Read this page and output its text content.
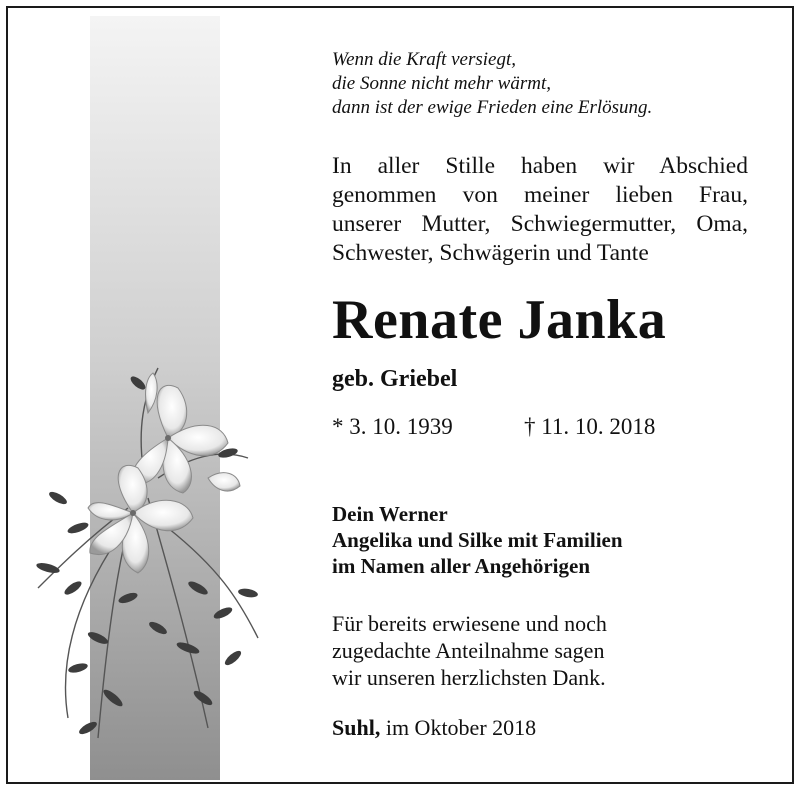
Wenn die Kraft versiegt,
die Sonne nicht mehr wärmt,
dann ist der ewige Frieden eine Erlösung.
In aller Stille haben wir Abschied
genommen von meiner lieben Frau,
unserer Mutter, Schwiegermutter, Oma,
Schwester, Schwägerin und Tante
Renate Janka
geb. Griebel
* 3. 10. 1939	† 11. 10. 2018
Dein Werner
Angelika und Silke mit Familien
im Namen aller Angehörigen
Für bereits erwiesene und noch
zugedachte Anteilnahme sagen
wir unseren herzlichsten Dank.
Suhl, im Oktober 2018
